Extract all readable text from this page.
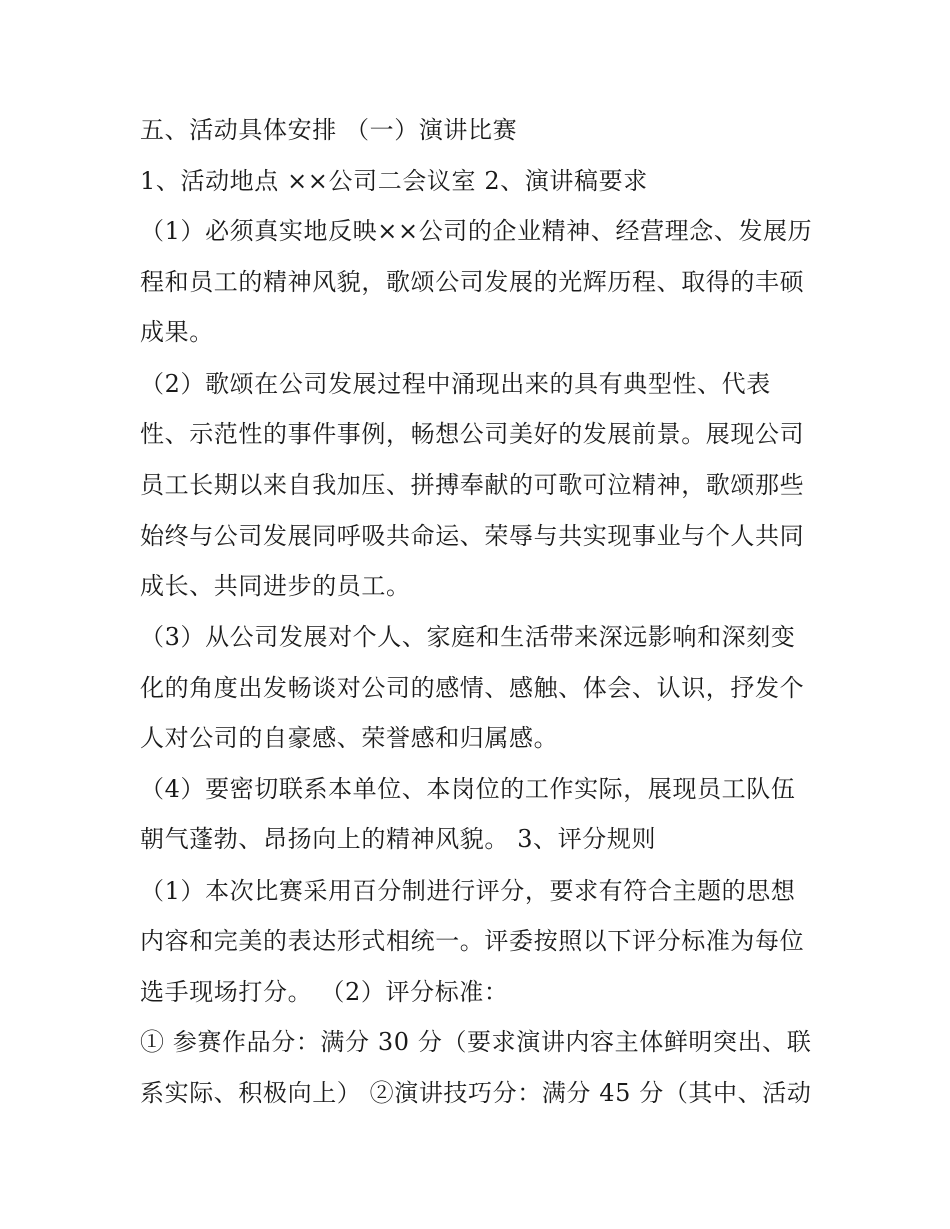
五、活动具体安排 （一）演讲比赛
1、活动地点 ××公司二会议室 2、演讲稿要求
（1）必须真实地反映××公司的企业精神、经营理念、发展历
程和员工的精神风貌，歌颂公司发展的光辉历程、取得的丰硕
成果。
（2）歌颂在公司发展过程中涌现出来的具有典型性、代表
性、示范性的事件事例，畅想公司美好的发展前景。展现公司
员工长期以来自我加压、拼搏奉献的可歌可泣精神，歌颂那些
始终与公司发展同呼吸共命运、荣辱与共实现事业与个人共同
成长、共同进步的员工。
（3）从公司发展对个人、家庭和生活带来深远影响和深刻变
化的角度出发畅谈对公司的感情、感触、体会、认识，抒发个
人对公司的自豪感、荣誉感和归属感。
（4）要密切联系本单位、本岗位的工作实际，展现员工队伍
朝气蓬勃、昂扬向上的精神风貌。 3、评分规则
（1）本次比赛采用百分制进行评分，要求有符合主题的思想
内容和完美的表达形式相统一。评委按照以下评分标准为每位
选手现场打分。 （2）评分标准：
① 参赛作品分：满分 30 分（要求演讲内容主体鲜明突出、联
系实际、积极向上） ②演讲技巧分：满分 45 分（其中、活动
